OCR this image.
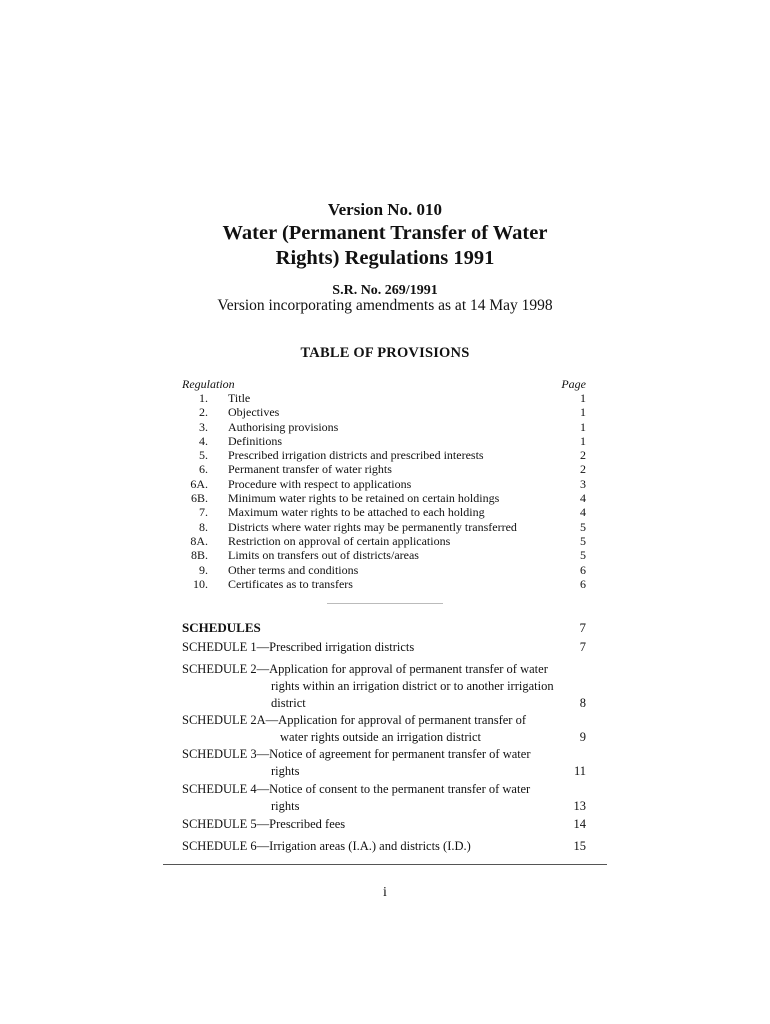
Version No. 010
Water (Permanent Transfer of Water
Rights) Regulations 1991
S.R. No. 269/1991
Version incorporating amendments as at 14 May 1998
TABLE OF PROVISIONS
Regulation	Page
1. Title	1
2. Objectives	1
3. Authorising provisions	1
4. Definitions	1
5. Prescribed irrigation districts and prescribed interests	2
6. Permanent transfer of water rights	2
6A. Procedure with respect to applications	3
6B. Minimum water rights to be retained on certain holdings	4
7. Maximum water rights to be attached to each holding	4
8. Districts where water rights may be permanently transferred	5
8A. Restriction on approval of certain applications	5
8B. Limits on transfers out of districts/areas	5
9. Other terms and conditions	6
10. Certificates as to transfers	6
SCHEDULES	7
SCHEDULE 1—Prescribed irrigation districts	7
SCHEDULE 2—Application for approval of permanent transfer of water
rights within an irrigation district or to another irrigation
district	8
SCHEDULE 2A—Application for approval of permanent transfer of
water rights outside an irrigation district	9
SCHEDULE 3—Notice of agreement for permanent transfer of water
rights	11
SCHEDULE 4—Notice of consent to the permanent transfer of water
rights	13
SCHEDULE 5—Prescribed fees	14
SCHEDULE 6—Irrigation areas (I.A.) and districts (I.D.)	15
i
